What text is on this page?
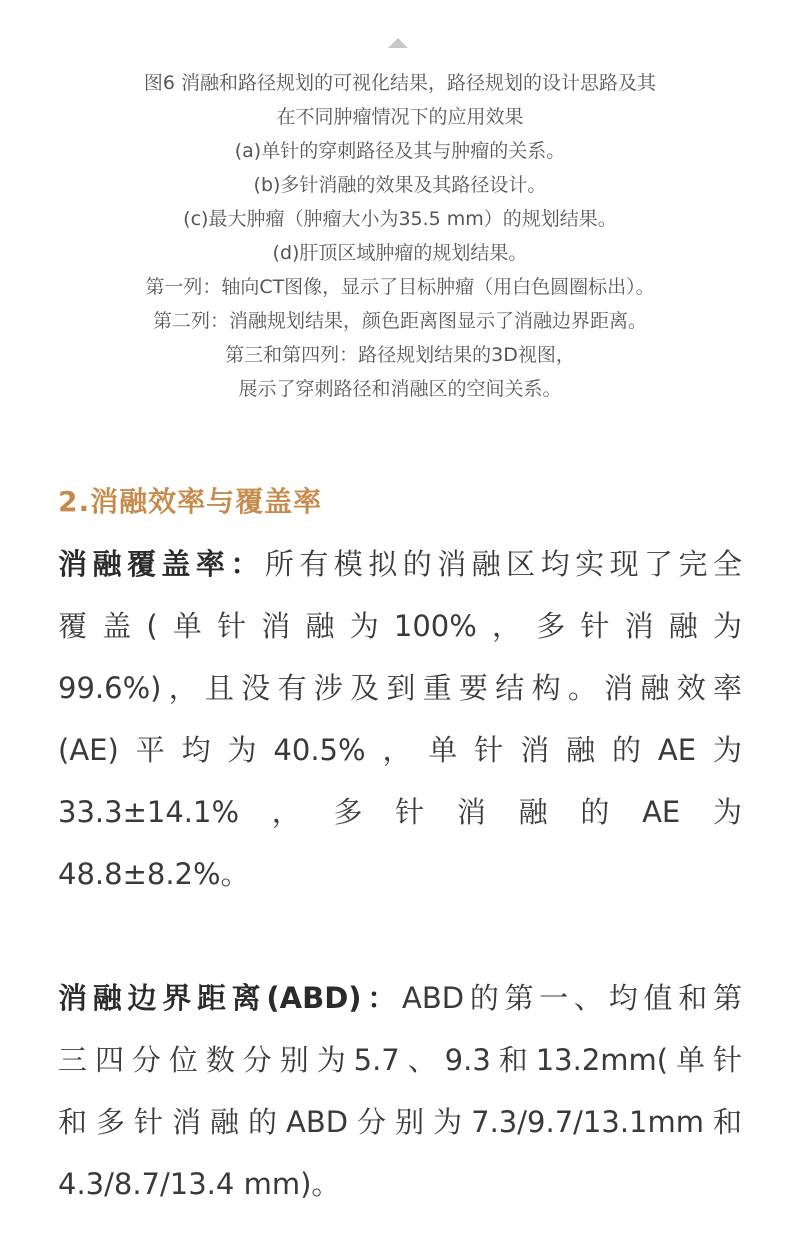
图6 消融和路径规划的可视化结果，路径规划的设计思路及其
在不同肿瘤情况下的应用效果
(a)单针的穿刺路径及其与肿瘤的关系。
(b)多针消融的效果及其路径设计。
(c)最大肿瘤（肿瘤大小为35.5 mm）的规划结果。
(d)肝顶区域肿瘤的规划结果。
第一列：轴向CT图像，显示了目标肿瘤（用白色圆圈标出）。
第二列：消融规划结果，颜色距离图显示了消融边界距离。
第三和第四列：路径规划结果的3D视图，
展示了穿刺路径和消融区的空间关系。
2.消融效率与覆盖率
消融覆盖率：所有模拟的消融区均实现了完全
覆盖(单针消融为100%，多针消融为
99.6%)，且没有涉及到重要结构。消融效率
(AE)平均为40.5%，单针消融的AE为
33.3±14.1%，多针消融的AE为
48.8±8.2%。
消融边界距离(ABD)：ABD的第一、均值和第
三四分位数分别为5.7、9.3和13.2mm(单针
和多针消融的ABD分别为7.3/9.7/13.1mm和
4.3/8.7/13.4 mm)。
